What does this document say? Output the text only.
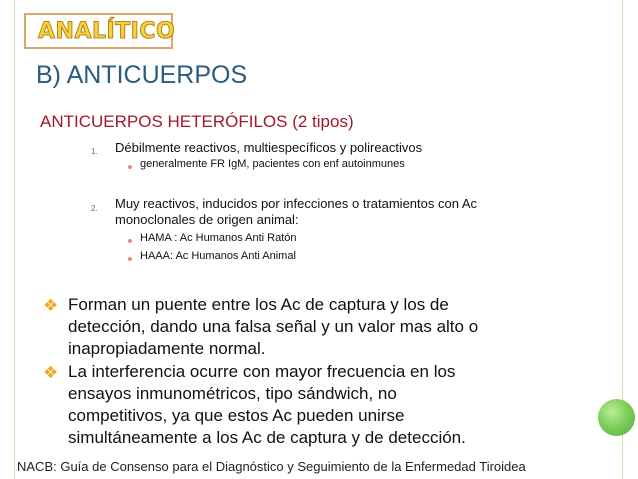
ANALÍTICO
B) ANTICUERPOS
ANTICUERPOS HETERÓFILOS (2 tipos)
1. Débilmente reactivos, multiespecíficos y polireactivos
generalmente FR IgM, pacientes con enf autoinmunes
2. Muy reactivos, inducidos por infecciones o tratamientos con Ac
monoclonales de origen animal:
HAMA : Ac Humanos Anti Ratón
HAAA: Ac Humanos Anti Animal
❖ Forman un puente entre los Ac de captura y los de
detección, dando una falsa señal y un valor mas alto o
inapropiadamente normal.
❖ La interferencia ocurre con mayor frecuencia en los
ensayos inmunométricos, tipo sándwich, no
competitivos, ya que estos Ac pueden unirse
simultáneamente a los Ac de captura y de detección.
NACB: Guía de Consenso para el Diagnóstico y Seguimiento de la Enfermedad Tiroidea
